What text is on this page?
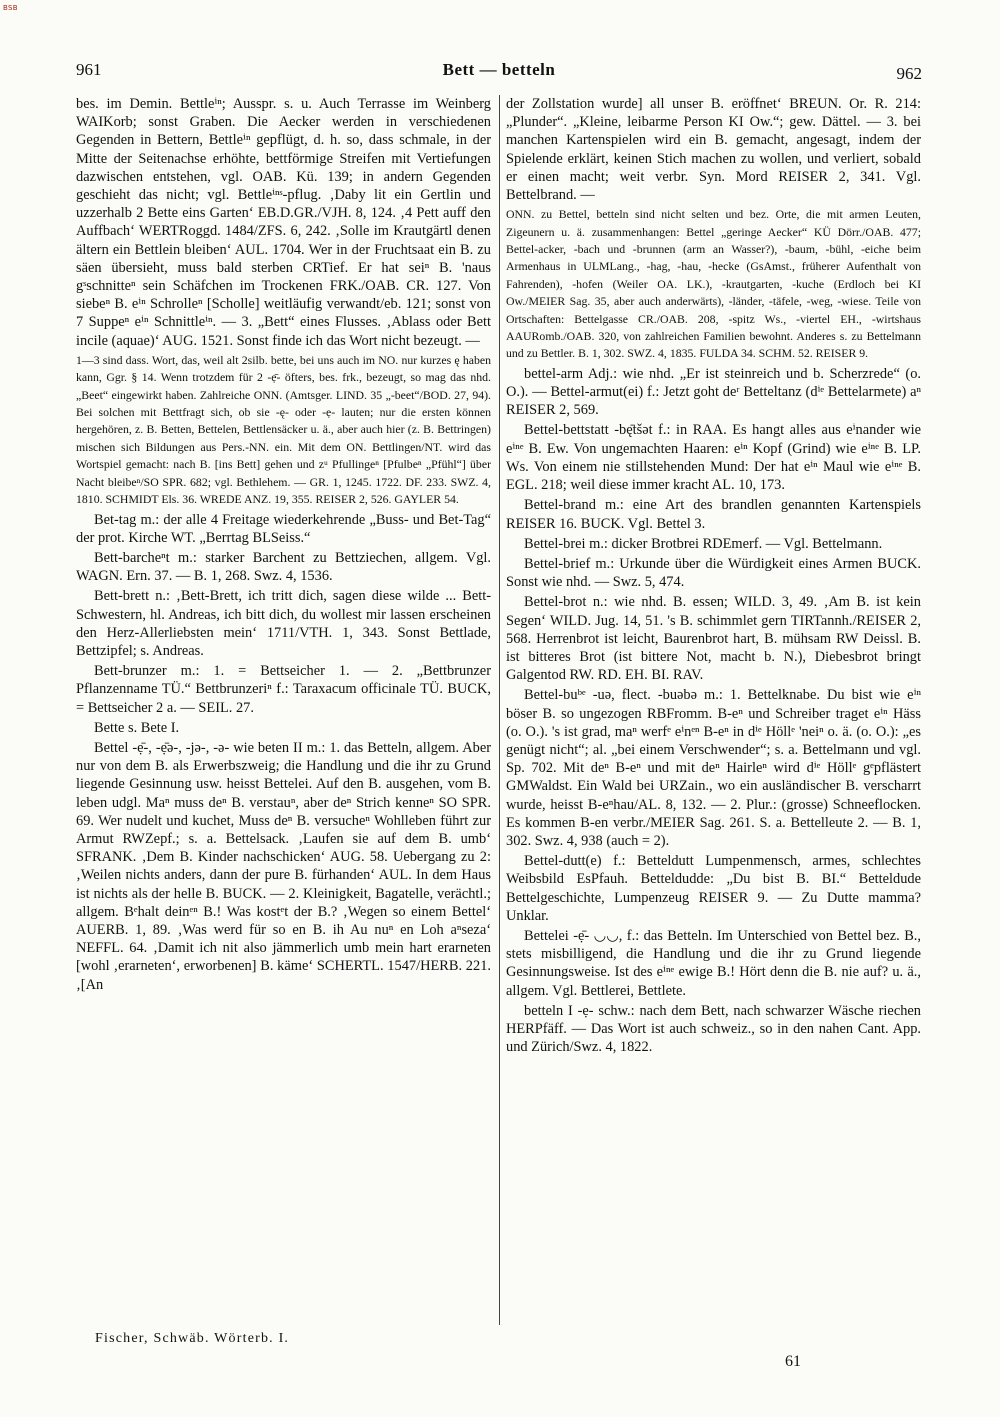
BSB
961	Bett — betteln	962

bes. im Demin. Bettleⁱⁿ; Ausspr. s. u. Auch Terrasse im Weinberg WAIKorb; sonst Graben. Die Aecker werden in verschiedenen Gegenden in Bettern, Bettleⁱⁿ gepflügt, d. h. so, dass schmale, in der Mitte der Seitenachse erhöhte, bettförmige Streifen mit Vertiefungen dazwischen entstehen, vgl. OAB. Kü. 139; in andern Gegenden geschieht das nicht; vgl. Bettleⁱⁿˢ-pflug. ‚Daby lit ein Gertlin und uzzerhalb 2 Bette eins Garten‘ EB.D.GR./VJH. 8, 124. ‚4 Pett auff den Auffbach‘ WERTRoggd. 1484/ZFS. 6, 242. ‚Solle im Krautgärtl denen ältern ein Bettlein bleiben‘ AUL. 1704. Wer in der Fruchtsaat ein B. zu säen übersieht, muss bald sterben CRTief. Er hat seiⁿ B. 'naus gˢschnitteⁿ sein Schäfchen im Trockenen FRK./OAB. CR. 127. Von siebeⁿ B. eⁱⁿ Schrolleⁿ [Scholle] weitläufig verwandt/eb. 121; sonst von 7 Suppeⁿ eⁱⁿ Schnittleⁱⁿ. — 3. „Bett“ eines Flusses. ‚Ablass oder Bett incile (aquae)‘ AUG. 1521. Sonst finde ich das Wort nicht bezeugt. —

1—3 sind dass. Wort, das, weil alt 2silb. bette, bei uns auch im NO. nur kurzes ę haben kann, Ggr. § 14. Wenn trotzdem für 2 -ẹ̄- öfters, bes. frk., bezeugt, so mag das nhd. „Beet“ eingewirkt haben. Zahlreiche ONN. (Amtsger. LIND. 35 „-beet“/BOD. 27, 94). Bei solchen mit Bettfragt sich, ob sie -ę- oder -ẹ- lauten; nur die ersten können hergehören, z. B. Betten, Bettelen, Bettlensäcker u. ä., aber auch hier (z. B. Bettringen) mischen sich Bildungen aus Pers.-NN. ein. Mit dem ON. Bettlingen/NT. wird das Wortspiel gemacht: nach B. [ins Bett] gehen und zᵘ Pfullingeⁿ [Pfulbeⁿ „Pfühl“] über Nacht bleibeⁿ/SO SPR. 682; vgl. Bethlehem. — GR. 1, 1245. 1722. DF. 233. SWZ. 4, 1810. SCHMIDT Els. 36. WREDE ANZ. 19, 355. REISER 2, 526. GAYLER 54.

Bet-tag m.: der alle 4 Freitage wiederkehrende „Buss- und Bet-Tag“ der prot. Kirche WT. „Berrtag BLSeiss.“

Bett-barcheⁿt m.: starker Barchent zu Bettziechen, allgem. Vgl. WAGN. Ern. 37. — B. 1, 268. Swz. 4, 1536.

Bett-brett n.: ‚Bett-Brett, ich tritt dich, sagen diese wilde ... Bett-Schwestern, hl. Andreas, ich bitt dich, du wollest mir lassen erscheinen den Herz-Allerliebsten mein‘ 1711/VTH. 1, 343. Sonst Bettlade, Bettzipfel; s. Andreas.

Bett-brunzer m.: 1. = Bettseicher 1. — 2. „Bettbrunzer Pflanzenname TÜ.“ Bettbrunzeriⁿ f.: Taraxacum officinale TÜ. BUCK, = Bettseicher 2 a. — SEIL. 27.

Bette s. Bete I.

Bettel -ẹ̄-, -ẹ̄ə-, -jə-, -ə- wie beten II m.: 1. das Betteln, allgem. Aber nur von dem B. als Erwerbszweig; die Handlung und die ihr zu Grund liegende Gesinnung usw. heisst Bettelei. Auf den B. ausgehen, vom B. leben udgl. Maⁿ muss deⁿ B. verstauⁿ, aber deⁿ Strich kenneⁿ SO SPR. 69. Wer nudelt und kuchet, Muss deⁿ B. versucheⁿ Wohlleben führt zur Armut RWZepf.; s. a. Bettelsack. ‚Laufen sie auf dem B. umb‘ SFRANK. ‚Dem B. Kinder nachschicken‘ AUG. 58. Uebergang zu 2: ‚Weilen nichts anders, dann der pure B. fürhanden‘ AUL. In dem Haus ist nichts als der helle B. BUCK. — 2. Kleinigkeit, Bagatelle, verächtl.; allgem. Bᵉhalt deinᵉⁿ B.! Was kostᵉt der B.? ‚Wegen so einem Bettel‘ AUERB. 1, 89. ‚Was werd für so en B. ih Au nuⁿ en Loh aⁿseza‘ NEFFL. 64. ‚Damit ich nit also jämmerlich umb mein hart erarneten [wohl ‚erarneten‘, erworbenen] B. käme‘ SCHERTL. 1547/HERB. 221. ‚[An

der Zollstation wurde] all unser B. eröffnet‘ BREUN. Or. R. 214: „Plunder“. „Kleine, leibarme Person KI Ow.“; gew. Dättel. — 3. bei manchen Kartenspielen wird ein B. gemacht, angesagt, indem der Spielende erklärt, keinen Stich machen zu wollen, und verliert, sobald er einen macht; weit verbr. Syn. Mord REISER 2, 341. Vgl. Bettelbrand. —

ONN. zu Bettel, betteln sind nicht selten und bez. Orte, die mit armen Leuten, Zigeunern u. ä. zusammenhangen: Bettel „geringe Aecker“ KÜ Dörr./OAB. 477; Bettel-acker, -bach und -brunnen (arm an Wasser?), -baum, -bühl, -eiche beim Armenhaus in ULMLang., -hag, -hau, -hecke (GsAmst., früherer Aufenthalt von Fahrenden), -hofen (Weiler OA. LK.), -krautgarten, -kuche (Erdloch bei KI Ow./MEIER Sag. 35, aber auch anderwärts), -länder, -täfele, -weg, -wiese. Teile von Ortschaften: Bettelgasse CR./OAB. 208, -spitz Ws., -viertel EH., -wirtshaus AAURomb./OAB. 320, von zahlreichen Familien bewohnt. Anderes s. zu Bettelmann und zu Bettler. B. 1, 302. SWZ. 4, 1835. FULDA 34. SCHM. 52. REISER 9.

bettel-arm Adj.: wie nhd. „Er ist steinreich und b. Scherzrede“ (o. O.). — Bettel-armut(ei) f.: Jetzt goht deʳ Betteltanz (dⁱᵉ Bettelarmete) aⁿ REISER 2, 569.

Bettel-bettstatt -bę̄tšət f.: in RAA. Es hangt alles aus eⁱnander wie eⁱⁿᵉ B. Ew. Von ungemachten Haaren: eⁱⁿ Kopf (Grind) wie eⁱⁿᵉ B. LP. Ws. Von einem nie stillstehenden Mund: Der hat eⁱⁿ Maul wie eⁱⁿᵉ B. EGL. 218; weil diese immer kracht AL. 10, 173.

Bettel-brand m.: eine Art des brandlen genannten Kartenspiels REISER 16. BUCK. Vgl. Bettel 3.

Bettel-brei m.: dicker Brotbrei RDEmerf. — Vgl. Bettelmann.

Bettel-brief m.: Urkunde über die Würdigkeit eines Armen BUCK. Sonst wie nhd. — Swz. 5, 474.

Bettel-brot n.: wie nhd. B. essen; WILD. 3, 49. ‚Am B. ist kein Segen‘ WILD. Jug. 14, 51. 's B. schimmlet gern TIRTannh./REISER 2, 568. Herrenbrot ist leicht, Baurenbrot hart, B. mühsam RW Deissl. B. ist bitteres Brot (ist bittere Not, macht b. N.), Diebesbrot bringt Galgentod RW. RD. EH. BI. RAV.

Bettel-buᵇᵉ -uə, flect. -buəbə m.: 1. Bettelknabe. Du bist wie eⁱⁿ böser B. so ungezogen RBFromm. B-eⁿ und Schreiber traget eⁱⁿ Häss (o. O.). 's ist grad, maⁿ werfᵉ eⁱnᵉⁿ B-eⁿ in dⁱᵉ Höllᵉ 'neiⁿ o. ä. (o. O.): „es genügt nicht“; al. „bei einem Verschwender“; s. a. Bettelmann und vgl. Sp. 702. Mit deⁿ B-eⁿ und mit deⁿ Hairleⁿ wird dⁱᵉ Höllᵉ gᵉpflästert GMWaldst. Ein Wald bei URZain., wo ein ausländischer B. verscharrt wurde, heisst B-eⁿhau/AL. 8, 132. — 2. Plur.: (grosse) Schneeflocken. Es kommen B-en verbr./MEIER Sag. 261. S. a. Bettelleute 2. — B. 1, 302. Swz. 4, 938 (auch = 2).

Bettel-dutt(e) f.: Betteldutt Lumpenmensch, armes, schlechtes Weibsbild EsPfauh. Betteldudde: „Du bist B. BI.“ Betteldude Bettelgeschichte, Lumpenzeug REISER 9. — Zu Dutte mamma? Unklar.

Bettelei -ẹ̄- ◡◡, f.: das Betteln. Im Unterschied von Bettel bez. B., stets misbilligend, die Handlung und die ihr zu Grund liegende Gesinnungsweise. Ist des eⁱⁿᵉ ewige B.! Hört denn die B. nie auf? u. ä., allgem. Vgl. Bettlerei, Bettlete.

betteln I -ẹ- schw.: nach dem Bett, nach schwarzer Wäsche riechen HERPfäff. — Das Wort ist auch schweiz., so in den nahen Cant. App. und Zürich/Swz. 4, 1822.

Fischer, Schwäb. Wörterb. I.
61
